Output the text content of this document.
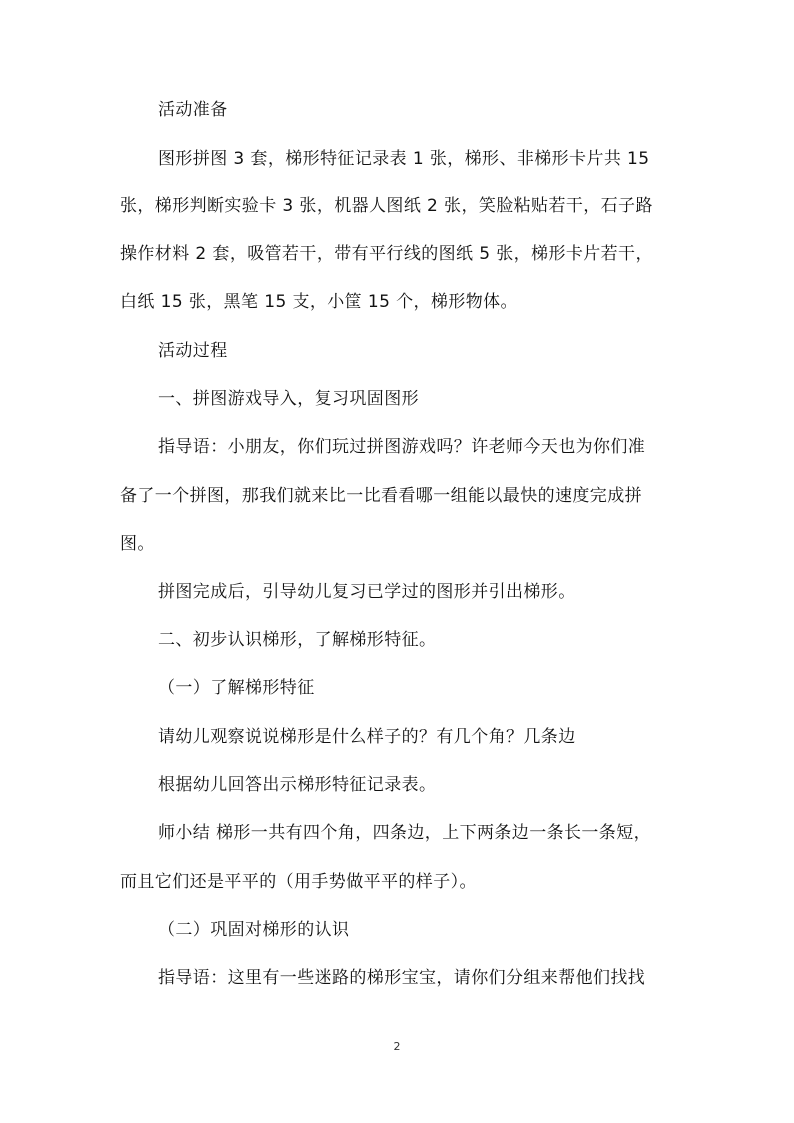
活动准备
图形拼图 3 套，梯形特征记录表 1 张，梯形、非梯形卡片共 15
张，梯形判断实验卡 3 张，机器人图纸 2 张，笑脸粘贴若干，石子路
操作材料 2 套，吸管若干，带有平行线的图纸 5 张，梯形卡片若干，
白纸 15 张，黑笔 15 支，小筐 15 个，梯形物体。
活动过程
一、拼图游戏导入，复习巩固图形
指导语：小朋友，你们玩过拼图游戏吗？许老师今天也为你们准
备了一个拼图，那我们就来比一比看看哪一组能以最快的速度完成拼
图。
拼图完成后，引导幼儿复习已学过的图形并引出梯形。
二、初步认识梯形，了解梯形特征。
（一）了解梯形特征
请幼儿观察说说梯形是什么样子的？有几个角？几条边
根据幼儿回答出示梯形特征记录表。
师小结 梯形一共有四个角，四条边，上下两条边一条长一条短，
而且它们还是平平的（用手势做平平的样子）。
（二）巩固对梯形的认识
指导语：这里有一些迷路的梯形宝宝，请你们分组来帮他们找找
2
